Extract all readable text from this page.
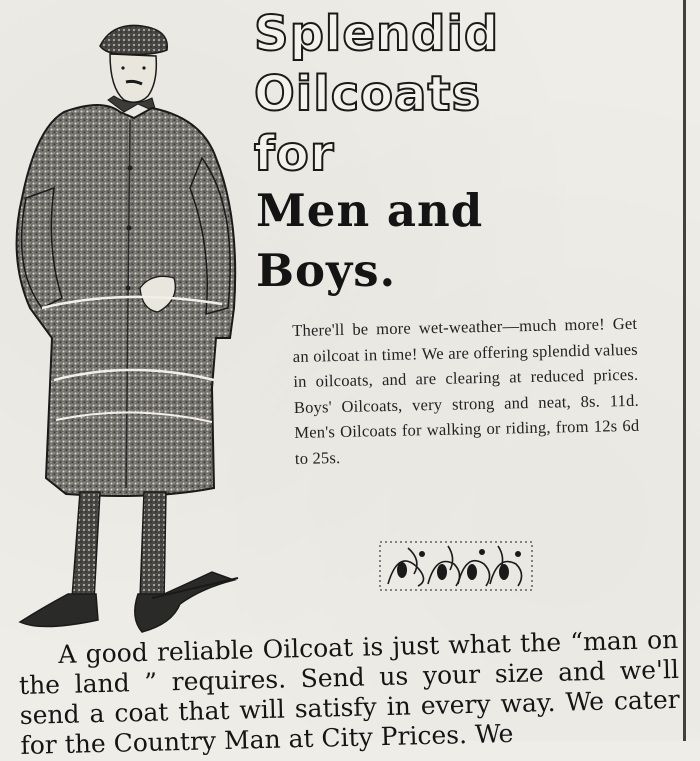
Splendid
Oilcoats
for
Men and
Boys.
There'll be more wet-weather—much more! Get an oilcoat in time! We are offering splendid values in oilcoats, and are clearing at reduced prices. Boys' Oilcoats, very strong and neat, 8s. 11d. Men's Oilcoats for walking or riding, from 12s 6d to 25s.
A good reliable Oilcoat is just what the “man on the land ” requires. Send us your size and we'll send a coat that will satisfy in every way. We cater for the Country Man at City Prices. We
